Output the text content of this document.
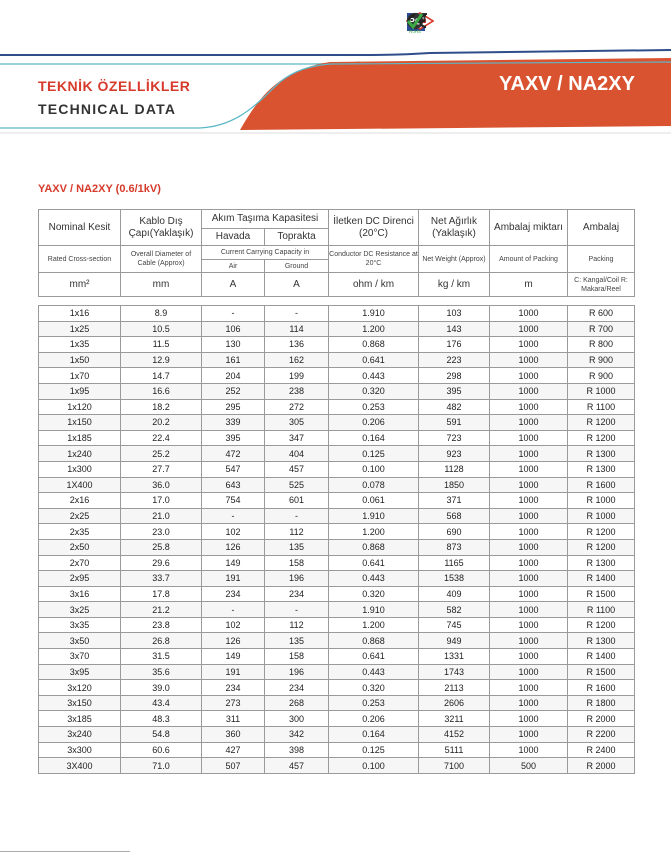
PC
RoHS
TEKNİK ÖZELLİKLER
TECHNICAL DATA
YAXV / NA2XY
YAXV / NA2XY (0.6/1kV)
Nominal Kesit	Kablo Dış Çapı(Yaklaşık)	Akım Taşıma Kapasitesi		İletken DC Direnci (20°C)	Net Ağırlık (Yaklaşık)	Ambalaj miktarı	Ambalaj
		Havada	Toprakta				
Rated Cross-section	Overall Diameter of Cable (Approx)	Current Carrying Capacity in		Conductor DC Resistance at 20°C	Net Weight (Approx)	Amount of Packing	Packing
		Air	Ground				
mm²	mm	A	A	ohm / km	kg / km	m	C: Kangal/Coil R: Makara/Reel

1x16	8.9	-	-	1.910	103	1000	R 600
1x25	10.5	106	114	1.200	143	1000	R 700
1x35	11.5	130	136	0.868	176	1000	R 800
1x50	12.9	161	162	0.641	223	1000	R 900
1x70	14.7	204	199	0.443	298	1000	R 900
1x95	16.6	252	238	0.320	395	1000	R 1000
1x120	18.2	295	272	0.253	482	1000	R 1100
1x150	20.2	339	305	0.206	591	1000	R 1200
1x185	22.4	395	347	0.164	723	1000	R 1200
1x240	25.2	472	404	0.125	923	1000	R 1300
1x300	27.7	547	457	0.100	1128	1000	R 1300
1X400	36.0	643	525	0.078	1850	1000	R 1600
2x16	17.0	754	601	0.061	371	1000	R 1000
2x25	21.0	-	-	1.910	568	1000	R 1000
2x35	23.0	102	112	1.200	690	1000	R 1200
2x50	25.8	126	135	0.868	873	1000	R 1200
2x70	29.6	149	158	0.641	1165	1000	R 1300
2x95	33.7	191	196	0.443	1538	1000	R 1400
3x16	17.8	234	234	0.320	409	1000	R 1500
3x25	21.2	-	-	1.910	582	1000	R 1100
3x35	23.8	102	112	1.200	745	1000	R 1200
3x50	26.8	126	135	0.868	949	1000	R 1300
3x70	31.5	149	158	0.641	1331	1000	R 1400
3x95	35.6	191	196	0.443	1743	1000	R 1500
3x120	39.0	234	234	0.320	2113	1000	R 1600
3x150	43.4	273	268	0.253	2606	1000	R 1800
3x185	48.3	311	300	0.206	3211	1000	R 2000
3x240	54.8	360	342	0.164	4152	1000	R 2200
3x300	60.6	427	398	0.125	5111	1000	R 2400
3X400	71.0	507	457	0.100	7100	500	R 2000
